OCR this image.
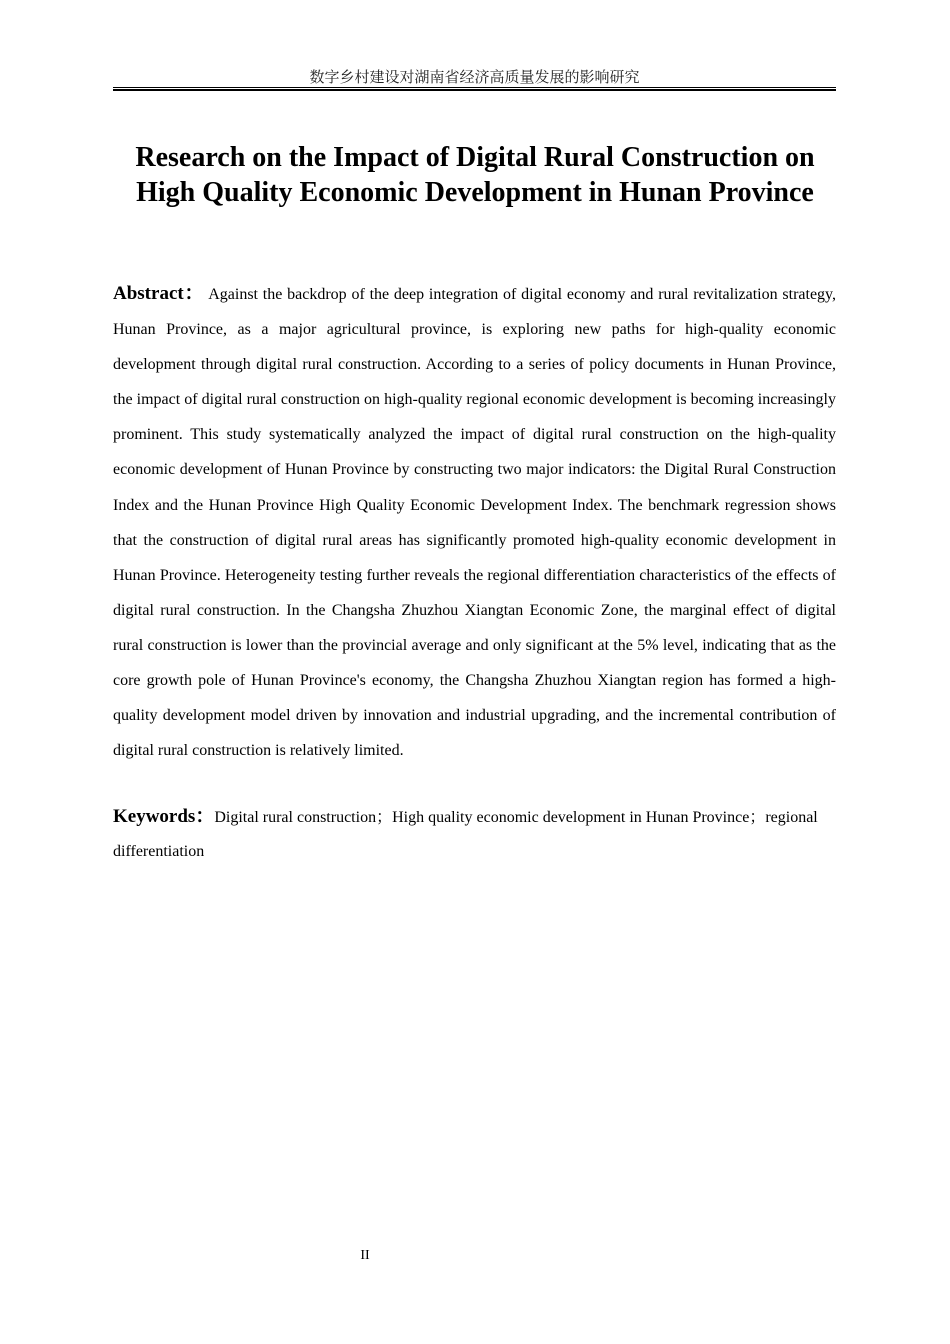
数字乡村建设对湖南省经济高质量发展的影响研究
Research on the Impact of Digital Rural Construction on High Quality Economic Development in Hunan Province

Abstract： Against the backdrop of the deep integration of digital economy and rural revitalization strategy, Hunan Province, as a major agricultural province, is exploring new paths for high-quality economic development through digital rural construction. According to a series of policy documents in Hunan Province, the impact of digital rural construction on high-quality regional economic development is becoming increasingly prominent. This study systematically analyzed the impact of digital rural construction on the high-quality economic development of Hunan Province by constructing two major indicators: the Digital Rural Construction Index and the Hunan Province High Quality Economic Development Index. The benchmark regression shows that the construction of digital rural areas has significantly promoted high-quality economic development in Hunan Province. Heterogeneity testing further reveals the regional differentiation characteristics of the effects of digital rural construction. In the Changsha Zhuzhou Xiangtan Economic Zone, the marginal effect of digital rural construction is lower than the provincial average and only significant at the 5% level, indicating that as the core growth pole of Hunan Province's economy, the Changsha Zhuzhou Xiangtan region has formed a high-quality development model driven by innovation and industrial upgrading, and the incremental contribution of digital rural construction is relatively limited.

Keywords：Digital rural construction；High quality economic development in Hunan Province；regional differentiation

II
